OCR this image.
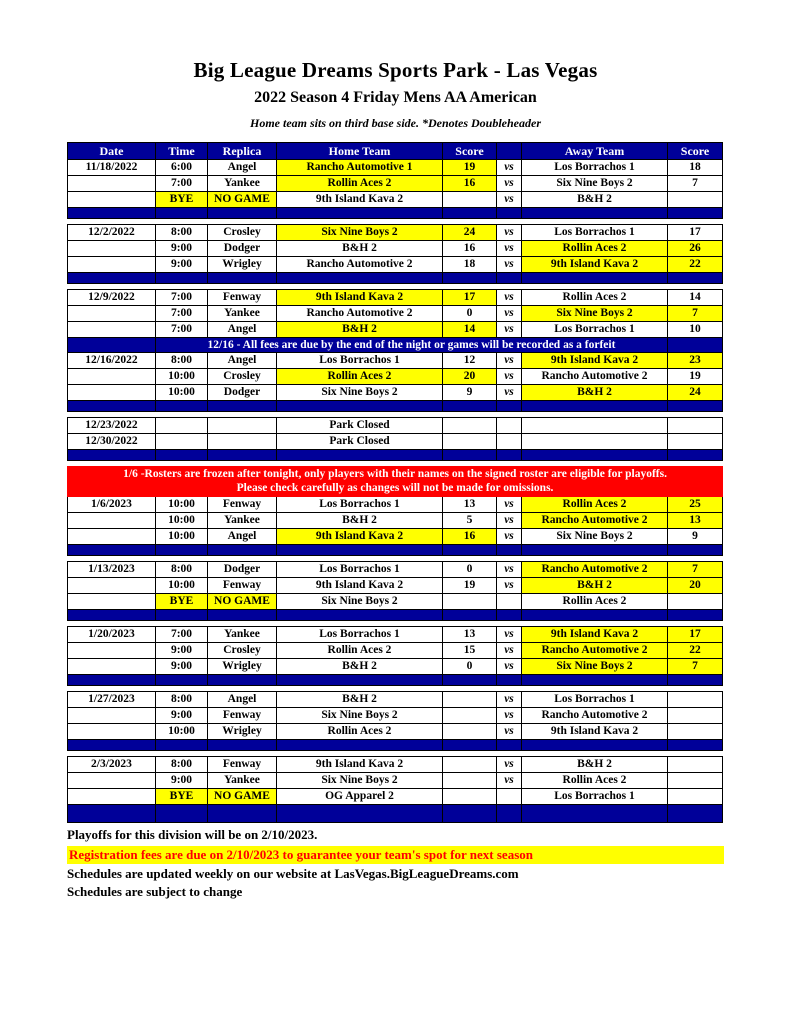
Big League Dreams Sports Park - Las Vegas
2022 Season 4 Friday Mens AA American
Home team sits on third base side. *Denotes Doubleheader
Date	Time	Replica	Home Team	Score		Away Team	Score
11/18/2022	6:00	Angel	Rancho Automotive 1	19	vs	Los Borrachos 1	18
	7:00	Yankee	Rollin Aces 2	16	vs	Six Nine Boys 2	7
	BYE	NO GAME	9th Island Kava 2		vs	B&H 2	

12/2/2022	8:00	Crosley	Six Nine Boys 2	24	vs	Los Borrachos 1	17
	9:00	Dodger	B&H 2	16	vs	Rollin Aces 2	26
	9:00	Wrigley	Rancho Automotive 2	18	vs	9th Island Kava 2	22

12/9/2022	7:00	Fenway	9th Island Kava 2	17	vs	Rollin Aces 2	14
	7:00	Yankee	Rancho Automotive 2	0	vs	Six Nine Boys 2	7
	7:00	Angel	B&H 2	14	vs	Los Borrachos 1	10
	12/16 - All fees are due by the end of the night or games will be recorded as a forfeit						
12/16/2022	8:00	Angel	Los Borrachos 1	12	vs	9th Island Kava 2	23
	10:00	Crosley	Rollin Aces 2	20	vs	Rancho Automotive 2	19
	10:00	Dodger	Six Nine Boys 2	9	vs	B&H 2	24

12/23/2022			Park Closed				
12/30/2022			Park Closed				

1/6 -Rosters are frozen after tonight, only players with their names on the signed roster are eligible for playoffs.
Please check carefully as changes will not be made for omissions.							

1/6/2023	10:00	Fenway	Los Borrachos 1	13	vs	Rollin Aces 2	25
	10:00	Yankee	B&H 2	5	vs	Rancho Automotive 2	13
	10:00	Angel	9th Island Kava 2	16	vs	Six Nine Boys 2	9

1/13/2023	8:00	Dodger	Los Borrachos 1	0	vs	Rancho Automotive 2	7
	10:00	Fenway	9th Island Kava 2	19	vs	B&H 2	20
	BYE	NO GAME	Six Nine Boys 2			Rollin Aces 2	

1/20/2023	7:00	Yankee	Los Borrachos 1	13	vs	9th Island Kava 2	17
	9:00	Crosley	Rollin Aces 2	15	vs	Rancho Automotive 2	22
	9:00	Wrigley	B&H 2	0	vs	Six Nine Boys 2	7

1/27/2023	8:00	Angel	B&H 2		vs	Los Borrachos 1	
	9:00	Fenway	Six Nine Boys 2		vs	Rancho Automotive 2	
	10:00	Wrigley	Rollin Aces 2		vs	9th Island Kava 2	

2/3/2023	8:00	Fenway	9th Island Kava 2		vs	B&H 2	
	9:00	Yankee	Six Nine Boys 2		vs	Rollin Aces 2	
	BYE	NO GAME	OG Apparel 2			Los Borrachos 1	

Playoffs for this division will be on 2/10/2023.
Registration fees are due on 2/10/2023 to guarantee your team's spot for next season
Schedules are updated weekly on our website at LasVegas.BigLeagueDreams.com
Schedules are subject to change
